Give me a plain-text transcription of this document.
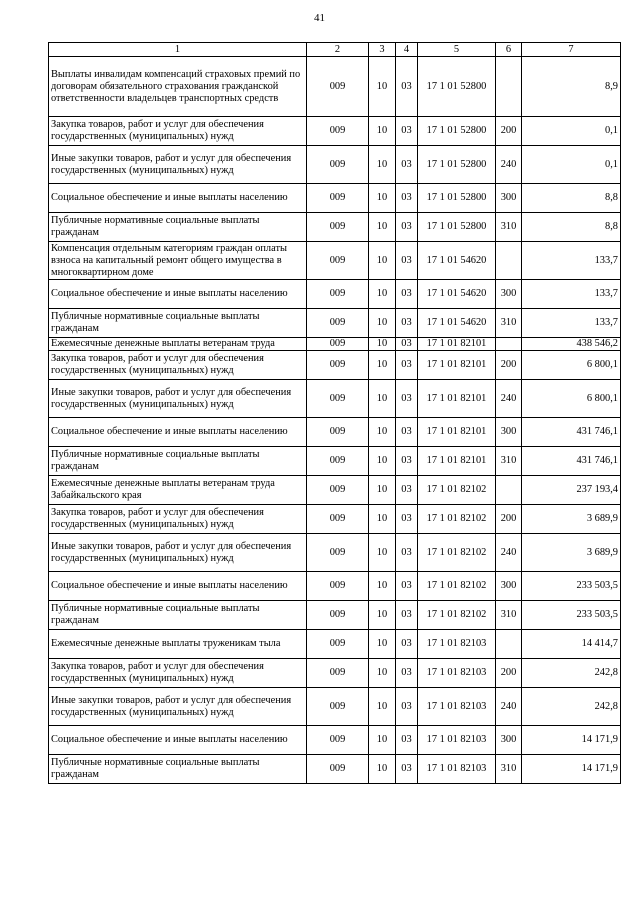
41
1	2	3	4	5	6	7
Выплаты инвалидам компенсаций страховых премий по договорам обязательного страхования гражданской ответственности владельцев транспортных средств	009	10	03	17 1 01 52800		8,9
Закупка товаров, работ и услуг для обеспечения государственных (муниципальных) нужд	009	10	03	17 1 01 52800	200	0,1
Иные закупки товаров, работ и услуг для обеспечения государственных (муниципальных) нужд	009	10	03	17 1 01 52800	240	0,1
Социальное обеспечение и иные выплаты населению	009	10	03	17 1 01 52800	300	8,8
Публичные нормативные социальные выплаты гражданам	009	10	03	17 1 01 52800	310	8,8
Компенсация отдельным категориям граждан оплаты взноса на капитальный ремонт общего имущества в многоквартирном доме	009	10	03	17 1 01 54620		133,7
Социальное обеспечение и иные выплаты населению	009	10	03	17 1 01 54620	300	133,7
Публичные нормативные социальные выплаты гражданам	009	10	03	17 1 01 54620	310	133,7
Ежемесячные денежные выплаты ветеранам труда	009	10	03	17 1 01 82101		438 546,2
Закупка товаров, работ и услуг для обеспечения государственных (муниципальных) нужд	009	10	03	17 1 01 82101	200	6 800,1
Иные закупки товаров, работ и услуг для обеспечения государственных (муниципальных) нужд	009	10	03	17 1 01 82101	240	6 800,1
Социальное обеспечение и иные выплаты населению	009	10	03	17 1 01 82101	300	431 746,1
Публичные нормативные социальные выплаты гражданам	009	10	03	17 1 01 82101	310	431 746,1
Ежемесячные денежные выплаты ветеранам труда Забайкальского края	009	10	03	17 1 01 82102		237 193,4
Закупка товаров, работ и услуг для обеспечения государственных (муниципальных) нужд	009	10	03	17 1 01 82102	200	3 689,9
Иные закупки товаров, работ и услуг для обеспечения государственных (муниципальных) нужд	009	10	03	17 1 01 82102	240	3 689,9
Социальное обеспечение и иные выплаты населению	009	10	03	17 1 01 82102	300	233 503,5
Публичные нормативные социальные выплаты гражданам	009	10	03	17 1 01 82102	310	233 503,5
Ежемесячные денежные выплаты труженикам тыла	009	10	03	17 1 01 82103		14 414,7
Закупка товаров, работ и услуг для обеспечения государственных (муниципальных) нужд	009	10	03	17 1 01 82103	200	242,8
Иные закупки товаров, работ и услуг для обеспечения государственных (муниципальных) нужд	009	10	03	17 1 01 82103	240	242,8
Социальное обеспечение и иные выплаты населению	009	10	03	17 1 01 82103	300	14 171,9
Публичные нормативные социальные выплаты гражданам	009	10	03	17 1 01 82103	310	14 171,9
